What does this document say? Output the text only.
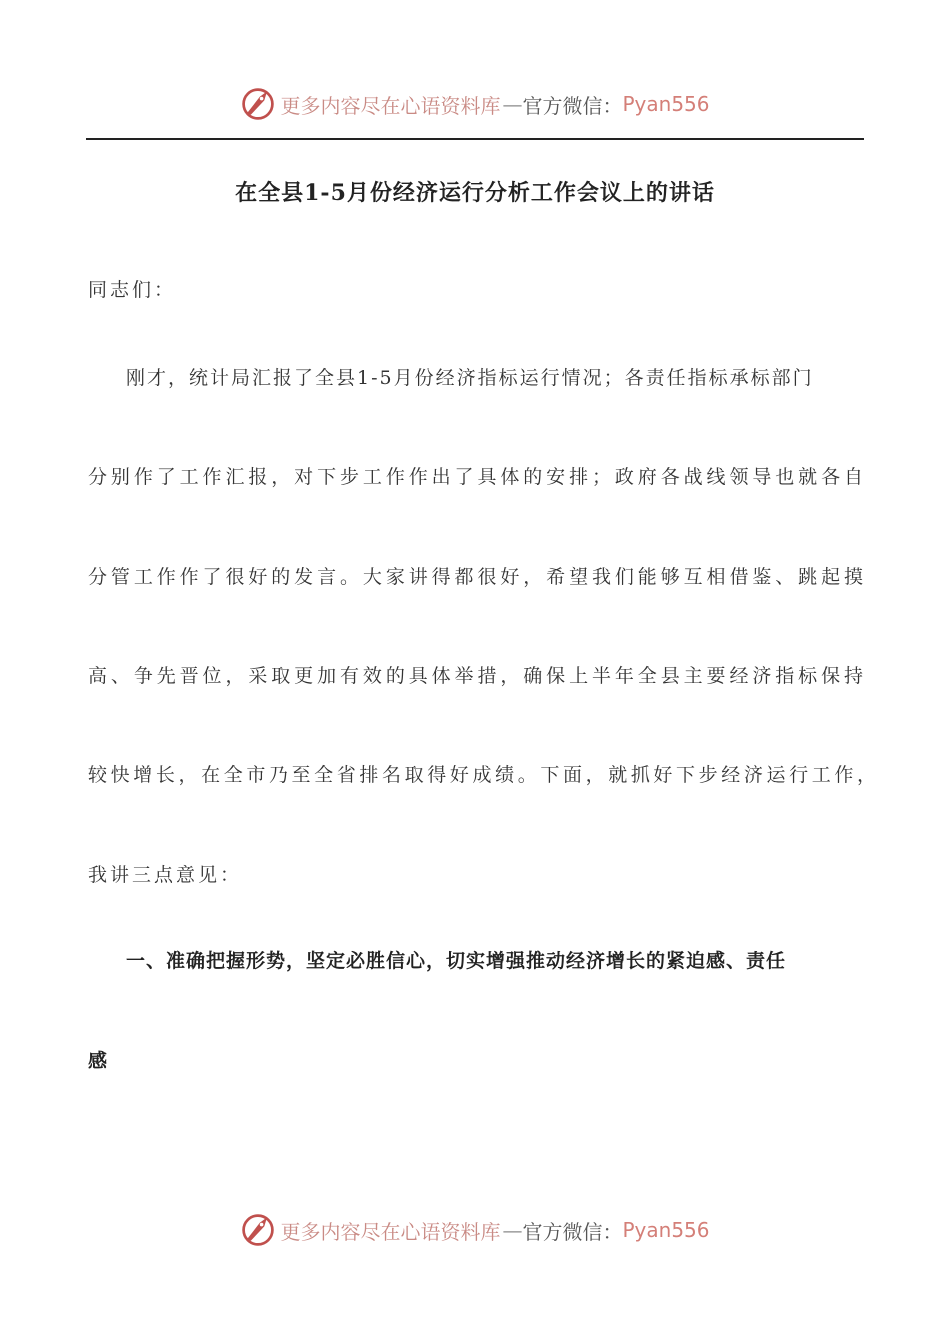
更多内容尽在心语资料库 — 官方微信： Pyan556
在全县1-5月份经济运行分析工作会议上的讲话
同志们：
刚才，统计局汇报了全县1-5月份经济指标运行情况；各责任指标承标部门
分别作了工作汇报，对下步工作作出了具体的安排；政府各战线领导也就各自
分管工作作了很好的发言。大家讲得都很好，希望我们能够互相借鉴、跳起摸
高、争先晋位，采取更加有效的具体举措，确保上半年全县主要经济指标保持
较快增长，在全市乃至全省排名取得好成绩。下面，就抓好下步经济运行工作，
我讲三点意见：
一、准确把握形势，坚定必胜信心，切实增强推动经济增长的紧迫感、责任
感
更多内容尽在心语资料库 — 官方微信： Pyan556
